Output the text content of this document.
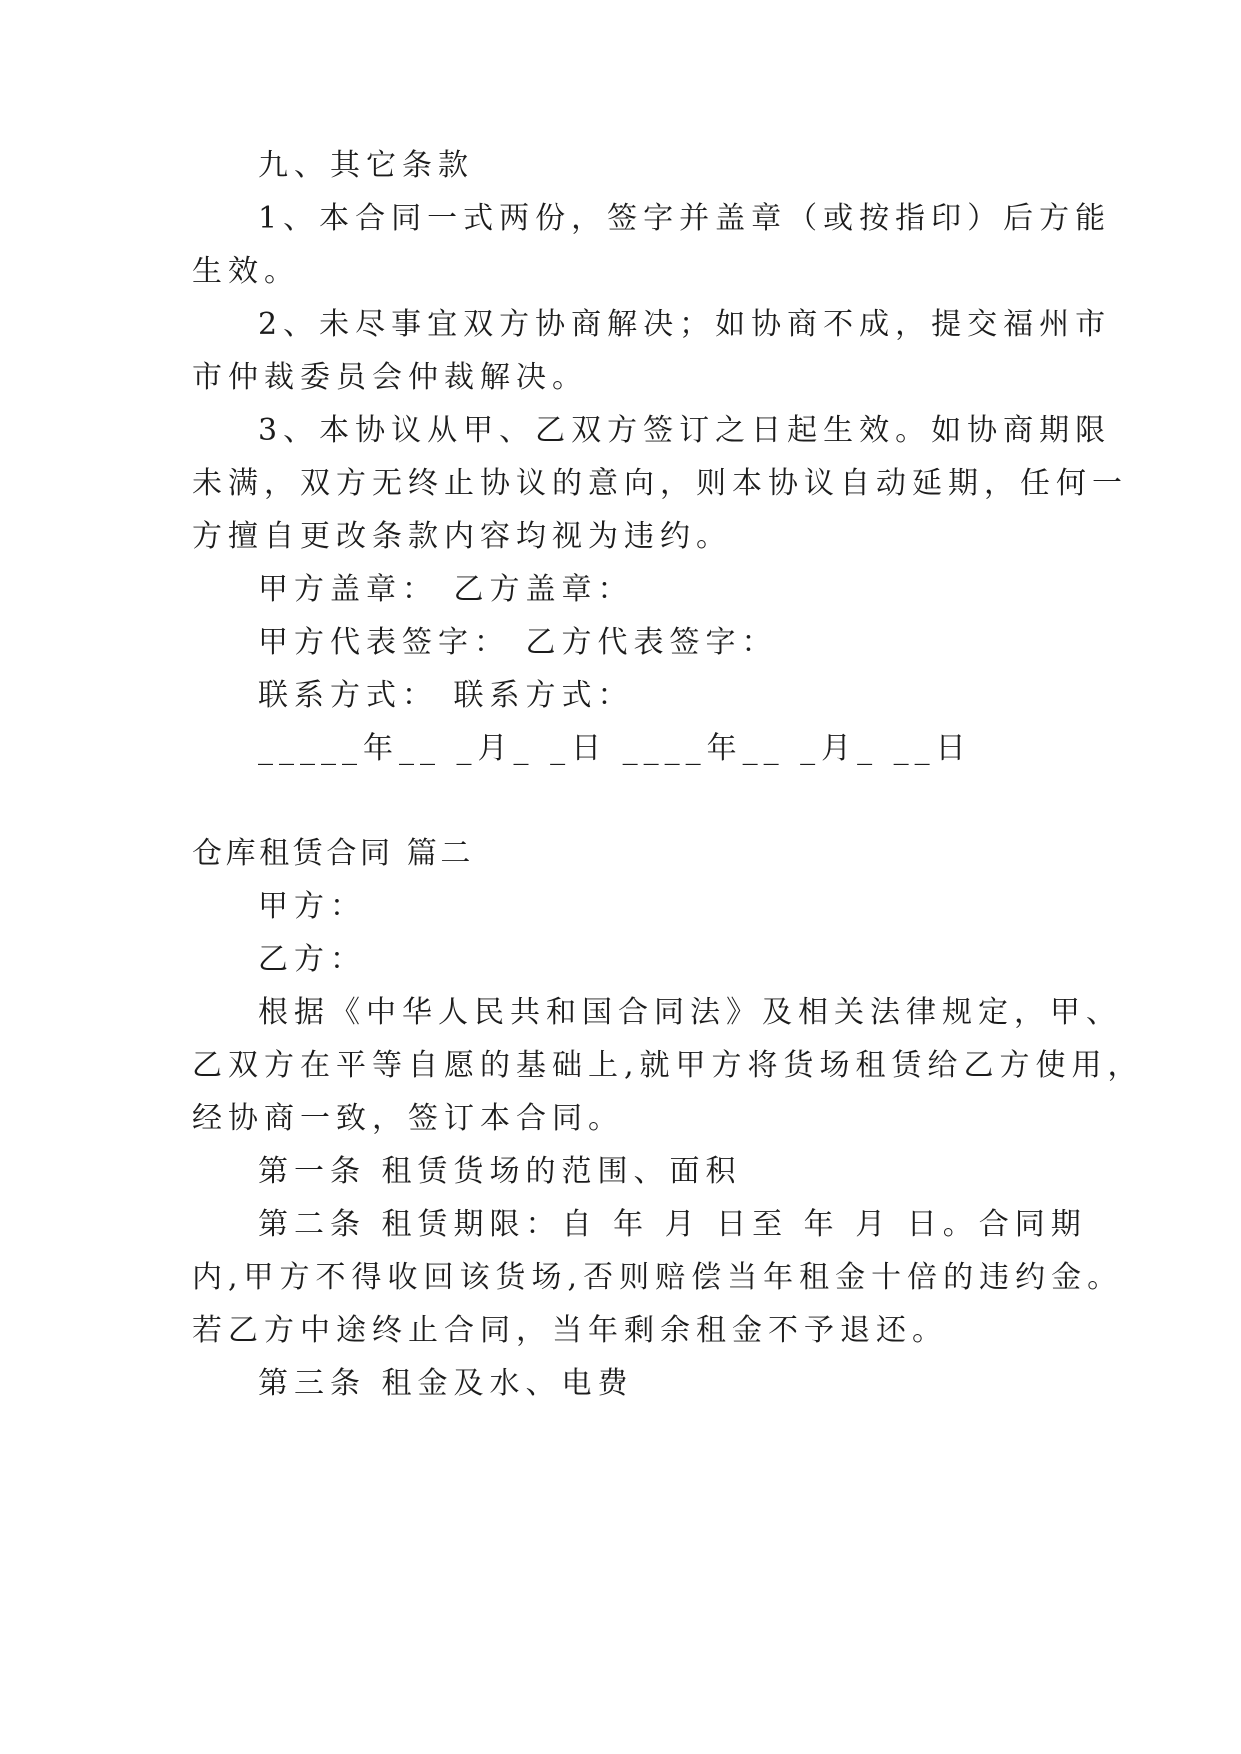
九、其它条款
1、本合同一式两份，签字并盖章（或按指印）后方能
生效。
2、未尽事宜双方协商解决；如协商不成，提交福州市
市仲裁委员会仲裁解决。
3、本协议从甲、乙双方签订之日起生效。如协商期限
未满，双方无终止协议的意向，则本协议自动延期，任何一
方擅自更改条款内容均视为违约。
甲方盖章： 乙方盖章：
甲方代表签字： 乙方代表签字：
联系方式： 联系方式：
_____年__ _月_ _日 ____年__ _月_ __日
仓库租赁合同 篇二
甲方：
乙方：
根据《中华人民共和国合同法》及相关法律规定，甲、
乙双方在平等自愿的基础上,就甲方将货场租赁给乙方使用，
经协商一致，签订本合同。
第一条 租赁货场的范围、面积
第二条 租赁期限：自 年 月 日至 年 月 日。合同期
内,甲方不得收回该货场,否则赔偿当年租金十倍的违约金。
若乙方中途终止合同，当年剩余租金不予退还。
第三条 租金及水、电费
